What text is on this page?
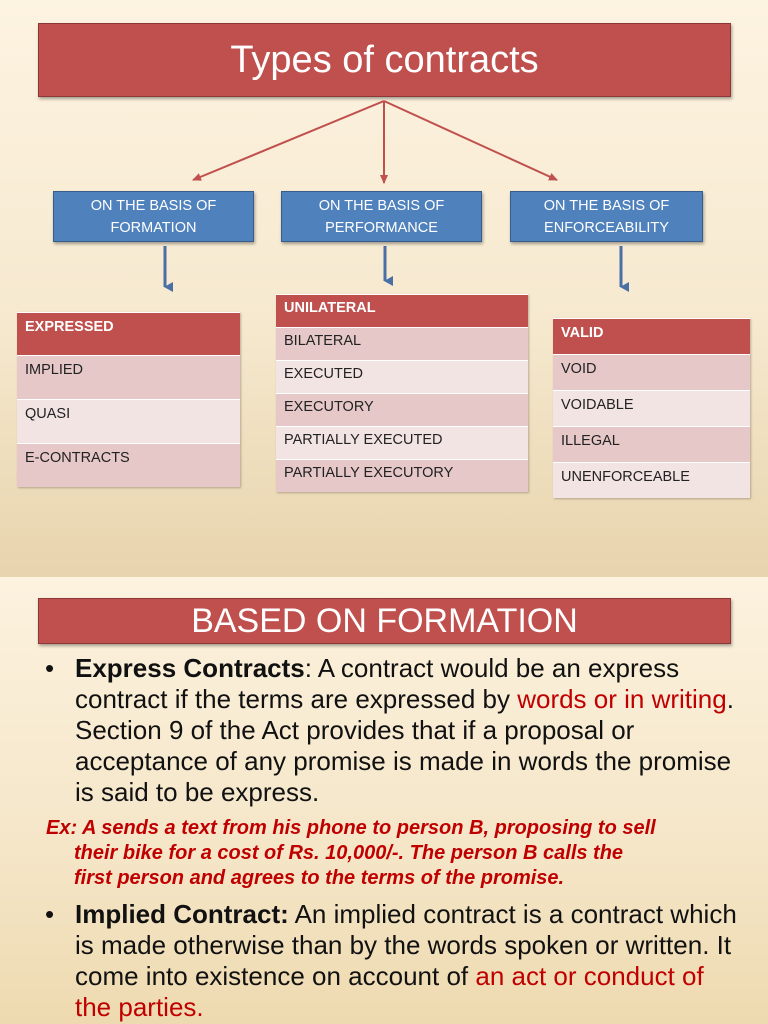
Types of contracts
ON THE BASIS OF
FORMATION
ON THE BASIS OF
PERFORMANCE
ON THE BASIS OF
ENFORCEABILITY
EXPRESSED
IMPLIED
QUASI
E-CONTRACTS
UNILATERAL
BILATERAL
EXECUTED
EXECUTORY
PARTIALLY EXECUTED
PARTIALLY EXECUTORY
VALID
VOID
VOIDABLE
ILLEGAL
UNENFORCEABLE
BASED ON FORMATION
• Express Contracts: A contract would be an express contract if the terms are expressed by words or in writing. Section 9 of the Act provides that if a proposal or acceptance of any promise is made in words the promise is said to be express.
Ex: A sends a text from his phone to person B, proposing to sell
their bike for a cost of Rs. 10,000/-. The person B calls the
first person and agrees to the terms of the promise.
• Implied Contract: An implied contract is a contract which is made otherwise than by the words spoken or written. It come into existence on account of an act or conduct of the parties.
